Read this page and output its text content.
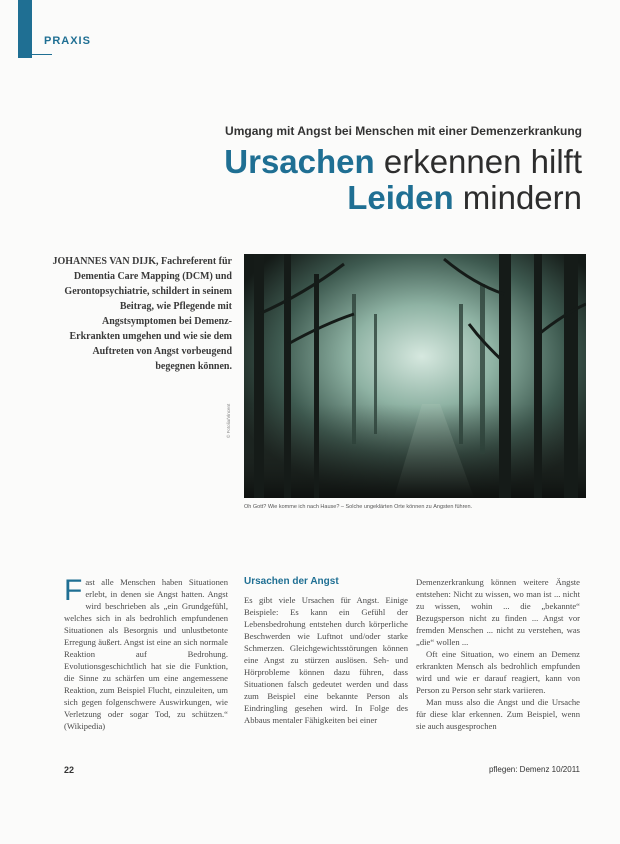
PRAXIS
Umgang mit Angst bei Menschen mit einer Demenzerkrankung
Ursachen erkennen hilft
Leiden mindern
JOHANNES VAN DIJK, Fachreferent für Dementia Care Mapping (DCM) und Gerontopsychiatrie, schildert in seinem Beitrag, wie Pflegende mit Angstsymptomen bei Demenz-Erkrankten umgehen und wie sie dem Auftreten von Angst vorbeugend begegnen können.
© Fotolia/Vincent
Oh Gott? Wie komme ich nach Hause? – Solche ungeklärten Orte können zu Ängsten führen.
F ast alle Menschen haben Situationen erlebt, in denen sie Angst hatten. Angst wird beschrieben als „ein Grundgefühl, welches sich in als bedrohlich empfundenen Situationen als Besorgnis und unlustbetonte Erregung äußert. Angst ist eine an sich normale Reaktion auf Bedrohung. Evolutionsgeschichtlich hat sie die Funktion, die Sinne zu schärfen um eine angemessene Reaktion, zum Beispiel Flucht, einzuleiten, um sich gegen folgenschwere Auswirkungen, wie Verletzung oder sogar Tod, zu schützen.“ (Wikipedia)

Ursachen der Angst

Es gibt viele Ursachen für Angst. Einige Beispiele: Es kann ein Gefühl der Lebensbedrohung entstehen durch körperliche Beschwerden wie Luftnot und/oder starke Schmerzen. Gleichgewichtsstörungen können eine Angst zu stürzen auslösen. Seh- und Hörprobleme können dazu führen, dass Situationen falsch gedeutet werden und dass zum Beispiel eine bekannte Person als Eindringling gesehen wird. In Folge des Abbaus mentaler Fähigkeiten bei einer

Demenzerkrankung können weitere Ängste entstehen: Nicht zu wissen, wo man ist ... nicht zu wissen, wohin ... die „bekannte“ Bezugsperson nicht zu finden ... Angst vor fremden Menschen ... nicht zu verstehen, was „die“ wollen ...

Oft eine Situation, wo einem an Demenz erkrankten Mensch als bedrohlich empfunden wird und wie er darauf reagiert, kann von Person zu Person sehr stark variieren.

Man muss also die Angst und die Ursache für diese klar erkennen. Zum Beispiel, wenn sie auch ausgesprochen

22	pflegen: Demenz 10/2011
